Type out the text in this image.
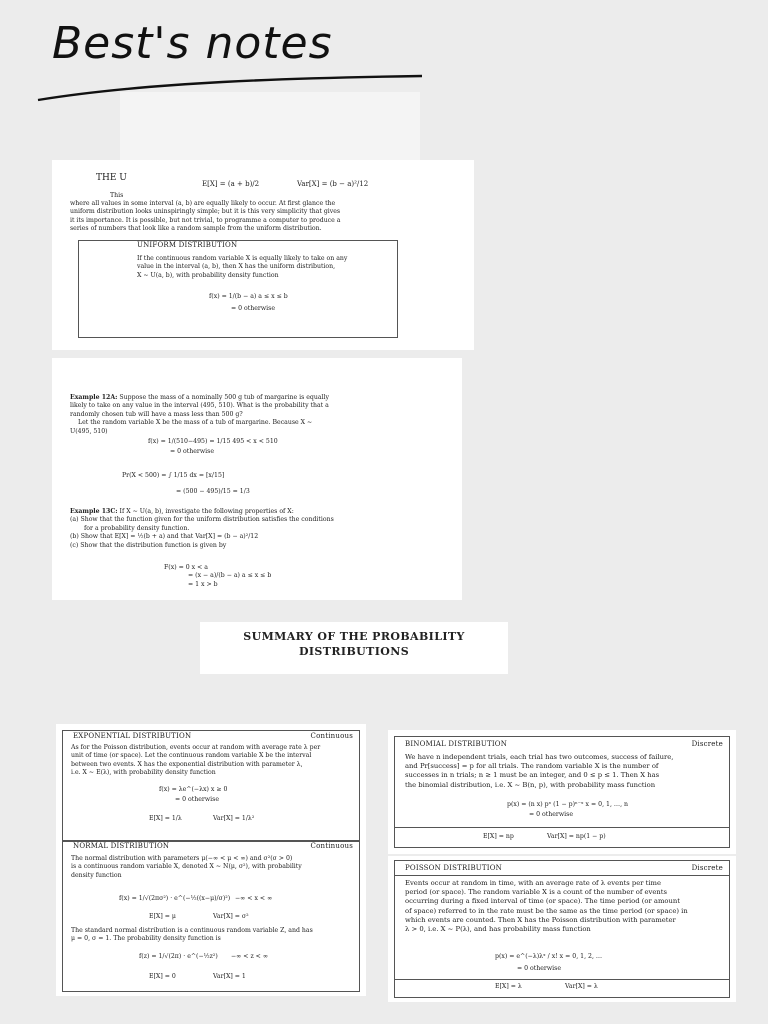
Best's notes
THE U
E[X] = (a + b)/2	Var[X] = (b − a)²/12
This
where all values in some interval (a, b) are equally likely to occur. At first glance the
uniform distribution looks uninspiringly simple; but it is this very simplicity that gives
it its importance. It is possible, but not trivial, to programme a computer to produce a
series of numbers that look like a random sample from the uniform distribution.
UNIFORM DISTRIBUTION
If the continuous random variable X is equally likely to take on any
value in the interval (a, b), then X has the uniform distribution,
X ~ U(a, b), with probability density function
f(x) = 1/(b − a) a ≤ x ≤ b
= 0 otherwise
Example 12A: Suppose the mass of a nominally 500 g tub of margarine is equally
likely to take on any value in the interval (495, 510). What is the probability that a
randomly chosen tub will have a mass less than 500 g?
Let the random variable X be the mass of a tub of margarine. Because X ~
U(495, 510)
f(x) = 1/(510−495) = 1/15 495 < x < 510
= 0 otherwise
Pr(X < 500) = ∫ 1/15 dx = [x/15]
= (500 − 495)/15 = 1/3
Example 13C: If X ~ U(a, b), investigate the following properties of X:
(a) Show that the function given for the uniform distribution satisfies the conditions
for a probability density function.
(b) Show that E[X] = ½(b + a) and that Var[X] = (b − a)²/12
(c) Show that the distribution function is given by
F(x) = 0 x < a
= (x − a)/(b − a) a ≤ x ≤ b
= 1 x > b
SUMMARY OF THE PROBABILITY
DISTRIBUTIONS
EXPONENTIAL DISTRIBUTION	Continuous
As for the Poisson distribution, events occur at random with average rate λ per
unit of time (or space). Let the continuous random variable X be the interval
between two events. X has the exponential distribution with parameter λ,
i.e. X ~ E(λ), with probability density function
f(x) = λe^(−λx) x ≥ 0
= 0 otherwise
E[X] = 1/λ	Var[X] = 1/λ²
NORMAL DISTRIBUTION	Continuous
The normal distribution with parameters μ(−∞ < μ < ∞) and σ²(σ > 0)
is a continuous random variable X, denoted X ~ N(μ, σ²), with probability
density function
f(x) = 1/√(2πσ²) · e^(−½((x−μ)/σ)²) −∞ < x < ∞
E[X] = μ	Var[X] = σ²
The standard normal distribution is a continuous random variable Z, and has
μ = 0, σ = 1. The probability density function is
f(z) = 1/√(2π) · e^(−½z²) −∞ < z < ∞
E[X] = 0	Var[X] = 1
BINOMIAL DISTRIBUTION	Discrete
We have n independent trials, each trial has two outcomes, success of failure,
and Pr[success] = p for all trials. The random variable X is the number of
successes in n trials; n ≥ 1 must be an integer, and 0 ≤ p ≤ 1. Then X has
the binomial distribution, i.e. X ~ B(n, p), with probability mass function
p(x) = (n x) pˣ (1 − p)ⁿ⁻ˣ x = 0, 1, …, n
= 0 otherwise
E[X] = np	Var[X] = np(1 − p)
POISSON DISTRIBUTION	Discrete
Events occur at random in time, with an average rate of λ events per time
period (or space). The random variable X is a count of the number of events
occurring during a fixed interval of time (or space). The time period (or amount
of space) referred to in the rate must be the same as the time period (or space) in
which events are counted. Then X has the Poisson distribution with parameter
λ > 0, i.e. X ~ P(λ), and has probability mass function
p(x) = e^(−λ)λˣ / x! x = 0, 1, 2, …
= 0 otherwise
E[X] = λ	Var[X] = λ
